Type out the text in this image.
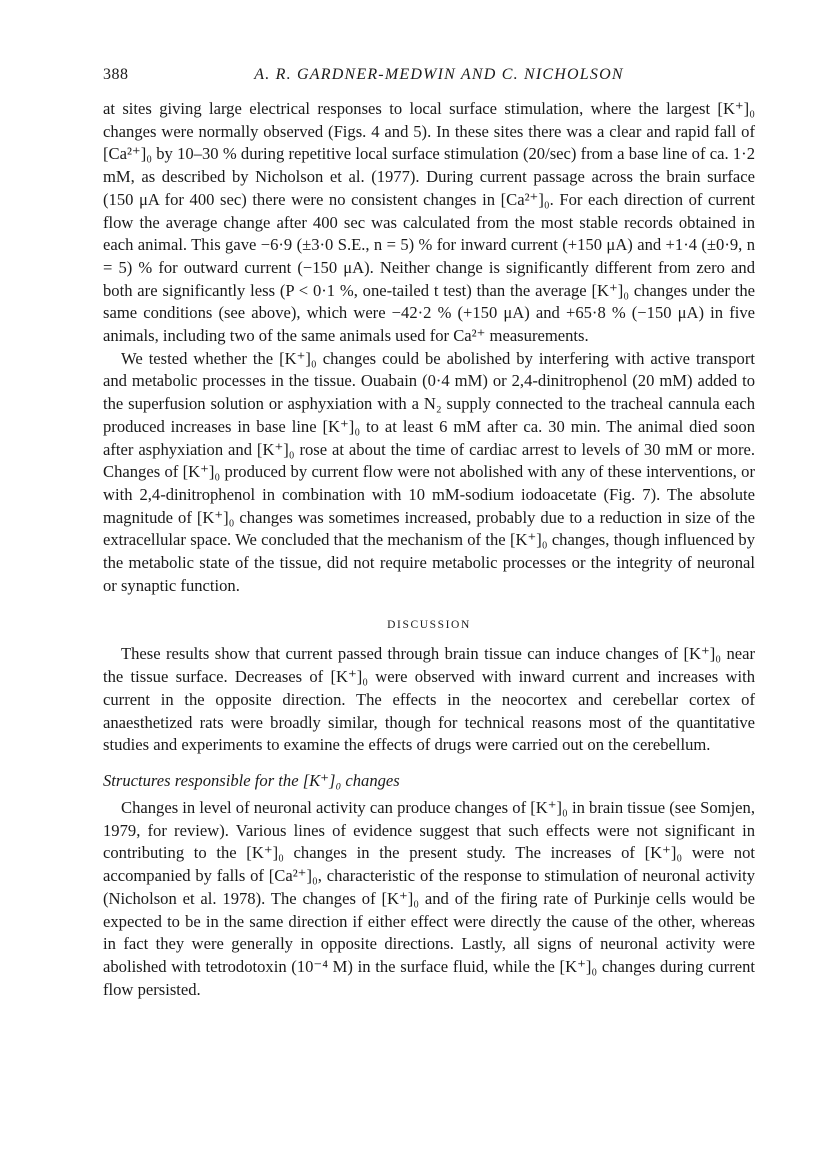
388	A. R. GARDNER-MEDWIN AND C. NICHOLSON

at sites giving large electrical responses to local surface stimulation, where the largest [K⁺]₀ changes were normally observed (Figs. 4 and 5). In these sites there was a clear and rapid fall of [Ca²⁺]₀ by 10–30 % during repetitive local surface stimulation (20/sec) from a base line of ca. 1·2 mM, as described by Nicholson et al. (1977). During current passage across the brain surface (150 μA for 400 sec) there were no consistent changes in [Ca²⁺]₀. For each direction of current flow the average change after 400 sec was calculated from the most stable records obtained in each animal. This gave −6·9 (±3·0 S.E., n = 5) % for inward current (+150 μA) and +1·4 (±0·9, n = 5) % for outward current (−150 μA). Neither change is significantly different from zero and both are significantly less (P < 0·1 %, one-tailed t test) than the average [K⁺]₀ changes under the same conditions (see above), which were −42·2 % (+150 μA) and +65·8 % (−150 μA) in five animals, including two of the same animals used for Ca²⁺ measurements.

We tested whether the [K⁺]₀ changes could be abolished by interfering with active transport and metabolic processes in the tissue. Ouabain (0·4 mM) or 2,4-dinitrophenol (20 mM) added to the superfusion solution or asphyxiation with a N₂ supply connected to the tracheal cannula each produced increases in base line [K⁺]₀ to at least 6 mM after ca. 30 min. The animal died soon after asphyxiation and [K⁺]₀ rose at about the time of cardiac arrest to levels of 30 mM or more. Changes of [K⁺]₀ produced by current flow were not abolished with any of these interventions, or with 2,4-dinitrophenol in combination with 10 mM-sodium iodoacetate (Fig. 7). The absolute magnitude of [K⁺]₀ changes was sometimes increased, probably due to a reduction in size of the extracellular space. We concluded that the mechanism of the [K⁺]₀ changes, though influenced by the metabolic state of the tissue, did not require metabolic processes or the integrity of neuronal or synaptic function.

DISCUSSION

These results show that current passed through brain tissue can induce changes of [K⁺]₀ near the tissue surface. Decreases of [K⁺]₀ were observed with inward current and increases with current in the opposite direction. The effects in the neocortex and cerebellar cortex of anaesthetized rats were broadly similar, though for technical reasons most of the quantitative studies and experiments to examine the effects of drugs were carried out on the cerebellum.

Structures responsible for the [K⁺]₀ changes

Changes in level of neuronal activity can produce changes of [K⁺]₀ in brain tissue (see Somjen, 1979, for review). Various lines of evidence suggest that such effects were not significant in contributing to the [K⁺]₀ changes in the present study. The increases of [K⁺]₀ were not accompanied by falls of [Ca²⁺]₀, characteristic of the response to stimulation of neuronal activity (Nicholson et al. 1978). The changes of [K⁺]₀ and of the firing rate of Purkinje cells would be expected to be in the same direction if either effect were directly the cause of the other, whereas in fact they were generally in opposite directions. Lastly, all signs of neuronal activity were abolished with tetrodotoxin (10⁻⁴ M) in the surface fluid, while the [K⁺]₀ changes during current flow persisted.
